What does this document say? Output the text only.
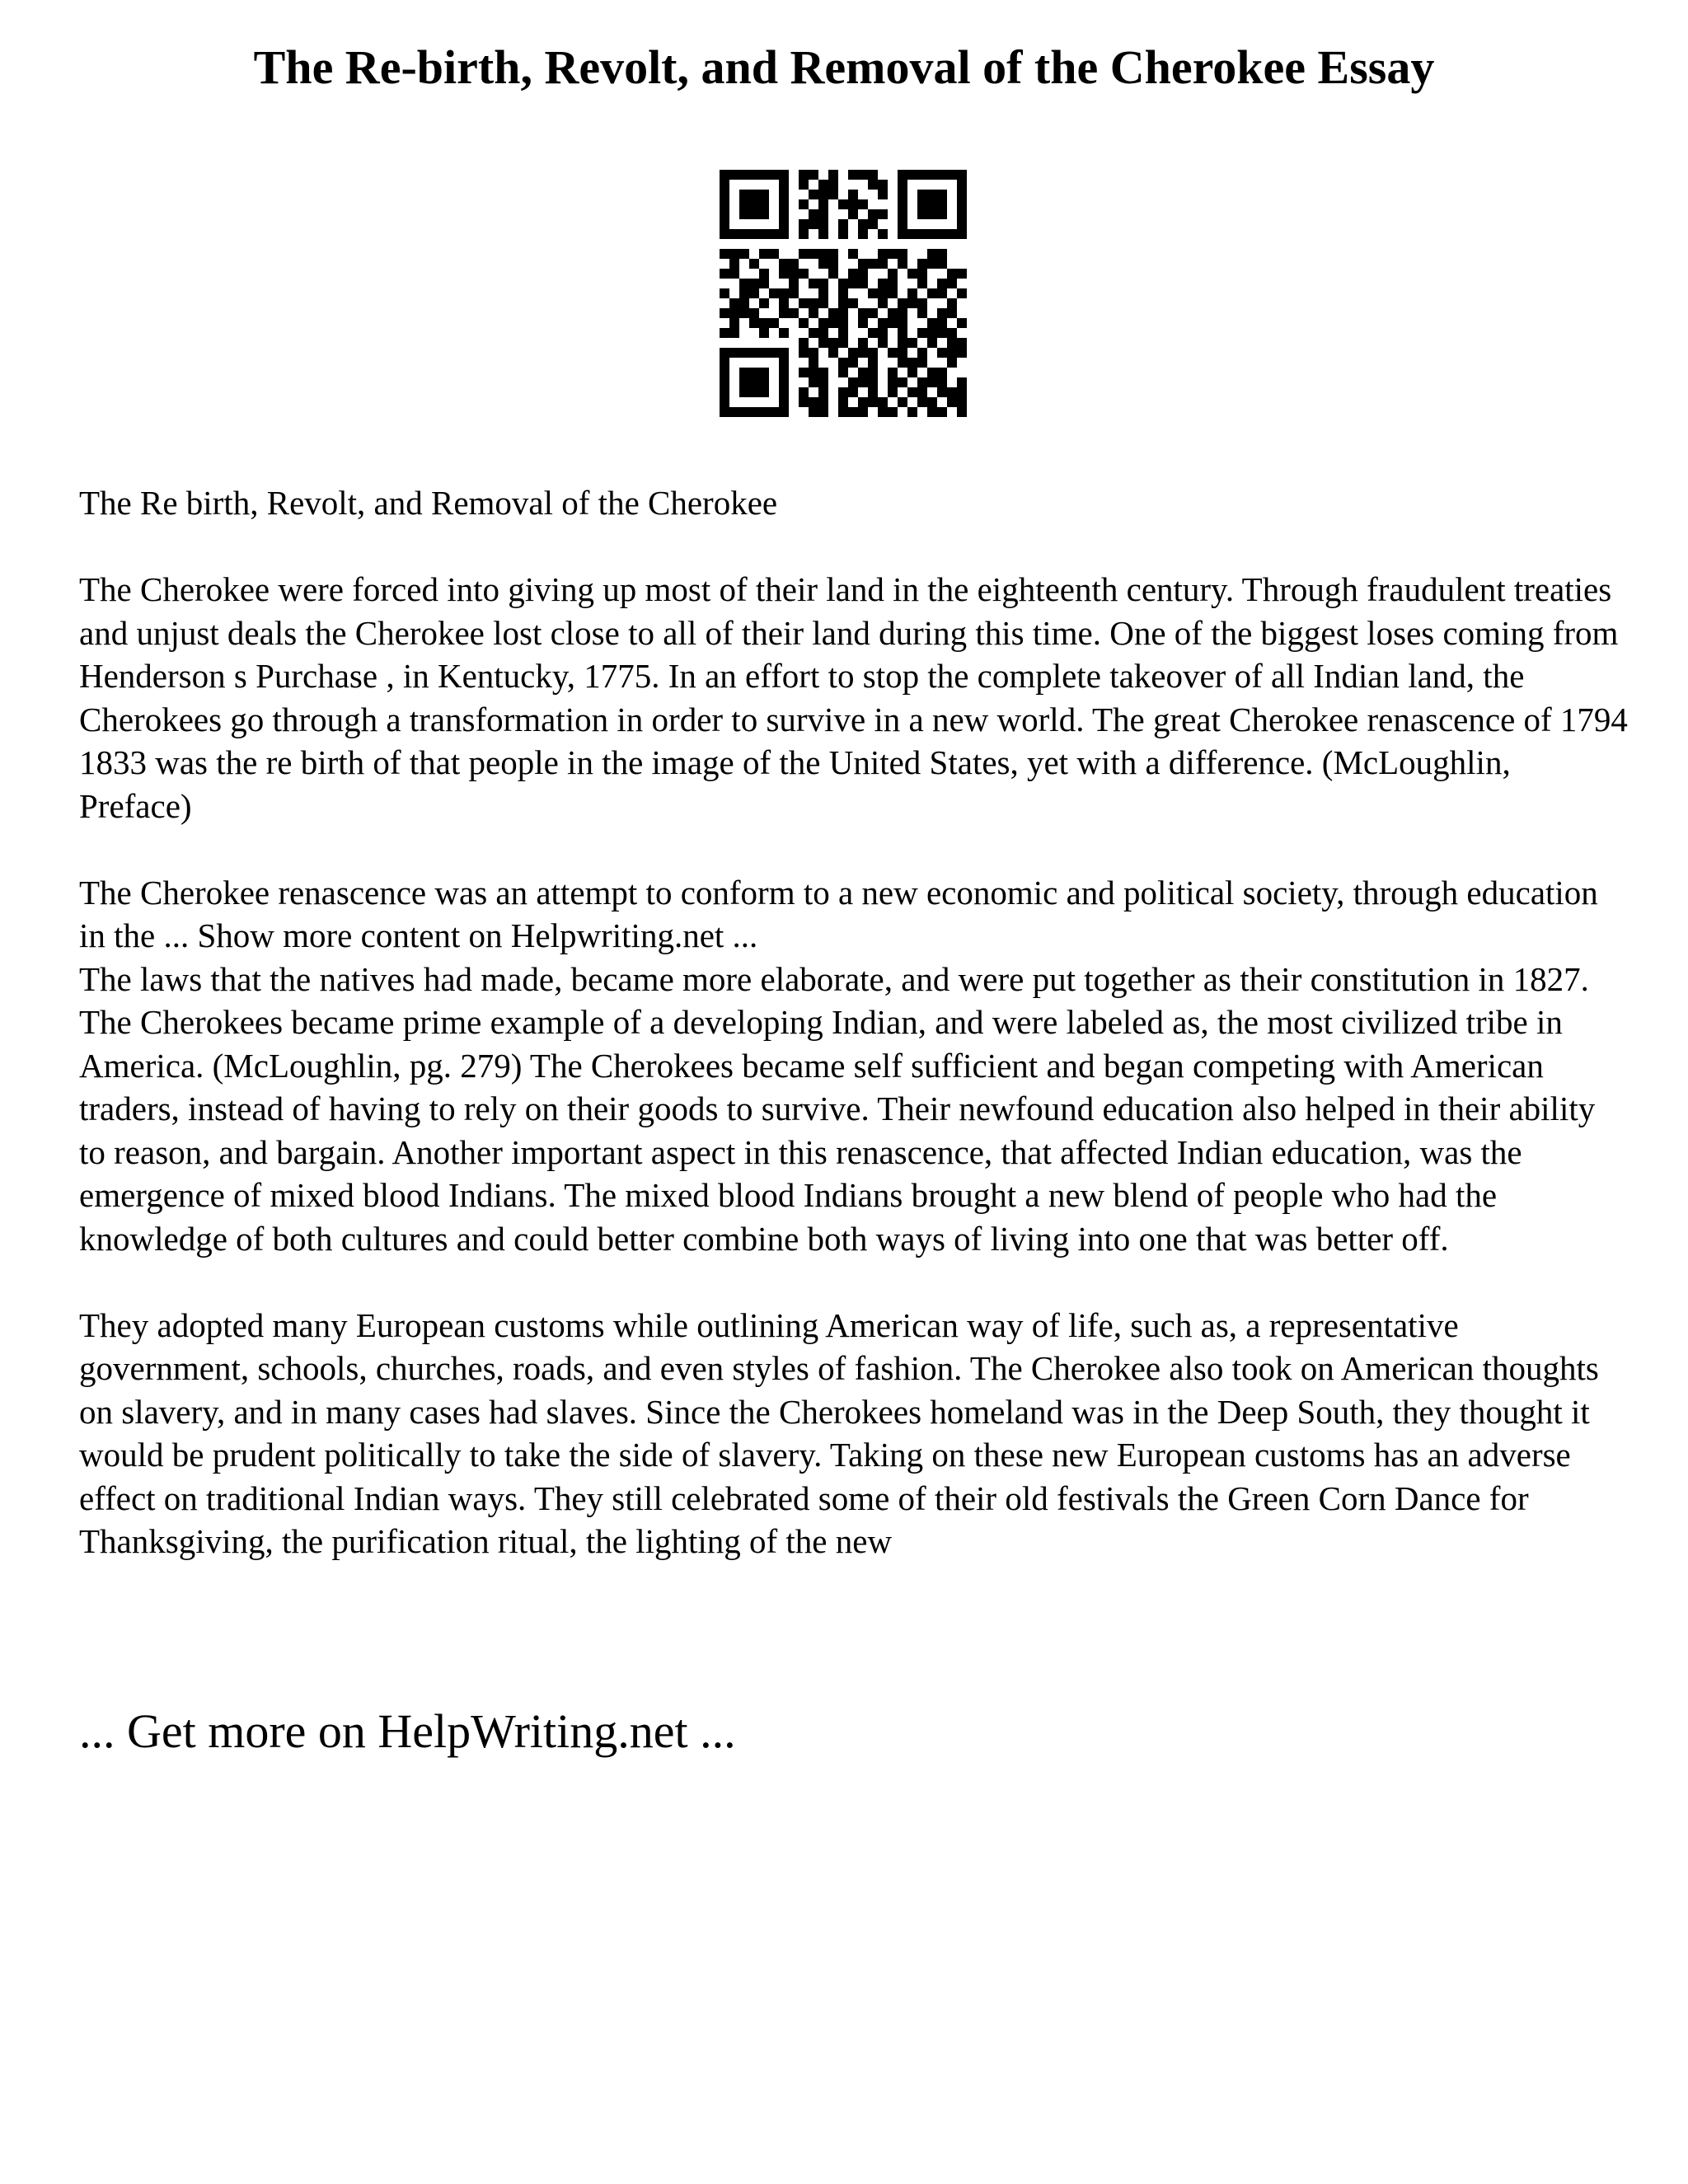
The Re-birth, Revolt, and Removal of the Cherokee Essay

The Re birth, Revolt, and Removal of the Cherokee

The Cherokee were forced into giving up most of their land in the eighteenth century. Through fraudulent treaties and unjust deals the Cherokee lost close to all of their land during this time. One of the biggest loses coming from Henderson s Purchase , in Kentucky, 1775. In an effort to stop the complete takeover of all Indian land, the Cherokees go through a transformation in order to survive in a new world. The great Cherokee renascence of 1794 1833 was the re birth of that people in the image of the United States, yet with a difference. (McLoughlin, Preface)

The Cherokee renascence was an attempt to conform to a new economic and political society, through education in the ... Show more content on Helpwriting.net ...

The laws that the natives had made, became more elaborate, and were put together as their constitution in 1827. The Cherokees became prime example of a developing Indian, and were labeled as, the most civilized tribe in America. (McLoughlin, pg. 279) The Cherokees became self sufficient and began competing with American traders, instead of having to rely on their goods to survive. Their newfound education also helped in their ability to reason, and bargain. Another important aspect in this renascence, that affected Indian education, was the emergence of mixed blood Indians. The mixed blood Indians brought a new blend of people who had the knowledge of both cultures and could better combine both ways of living into one that was better off.

They adopted many European customs while outlining American way of life, such as, a representative government, schools, churches, roads, and even styles of fashion. The Cherokee also took on American thoughts on slavery, and in many cases had slaves. Since the Cherokees homeland was in the Deep South, they thought it would be prudent politically to take the side of slavery. Taking on these new European customs has an adverse effect on traditional Indian ways. They still celebrated some of their old festivals the Green Corn Dance for Thanksgiving, the purification ritual, the lighting of the new

... Get more on HelpWriting.net ...
